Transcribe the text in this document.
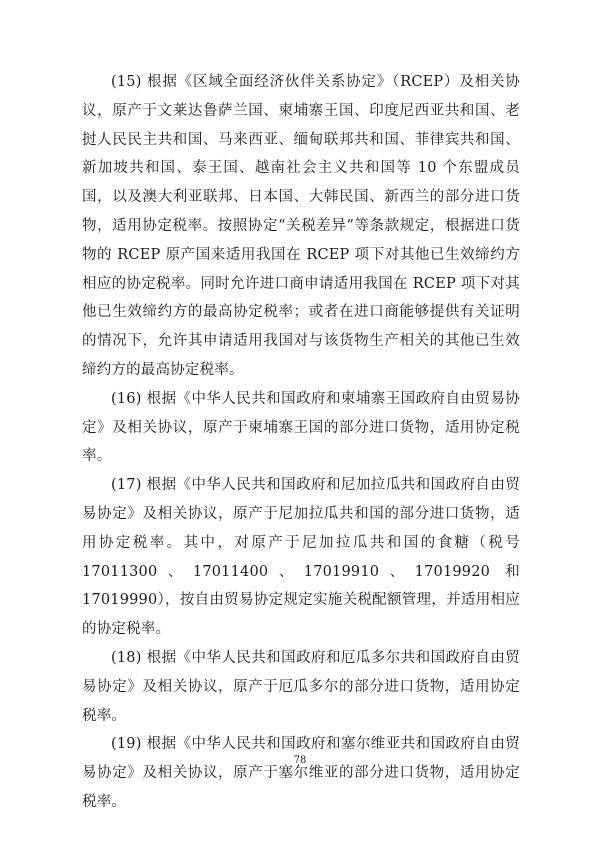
(15) 根据《区域全面经济伙伴关系协定》（RCEP）及相关协议，原产于文莱达鲁萨兰国、柬埔寨王国、印度尼西亚共和国、老挝人民民主共和国、马来西亚、缅甸联邦共和国、菲律宾共和国、新加坡共和国、泰王国、越南社会主义共和国等 10 个东盟成员国，以及澳大利亚联邦、日本国、大韩民国、新西兰的部分进口货物，适用协定税率。按照协定“关税差异”等条款规定，根据进口货物的 RCEP 原产国来适用我国在 RCEP 项下对其他已生效缔约方相应的协定税率。同时允许进口商申请适用我国在 RCEP 项下对其他已生效缔约方的最高协定税率；或者在进口商能够提供有关证明的情况下，允许其申请适用我国对与该货物生产相关的其他已生效缔约方的最高协定税率。

(16) 根据《中华人民共和国政府和柬埔寨王国政府自由贸易协定》及相关协议，原产于柬埔寨王国的部分进口货物，适用协定税率。

(17) 根据《中华人民共和国政府和尼加拉瓜共和国政府自由贸易协定》及相关协议，原产于尼加拉瓜共和国的部分进口货物，适用协定税率。其中，对原产于尼加拉瓜共和国的食糖（税号 17011300、17011400、17019910、17019920 和 17019990），按自由贸易协定规定实施关税配额管理，并适用相应的协定税率。

(18) 根据《中华人民共和国政府和厄瓜多尔共和国政府自由贸易协定》及相关协议，原产于厄瓜多尔的部分进口货物，适用协定税率。

(19) 根据《中华人民共和国政府和塞尔维亚共和国政府自由贸易协定》及相关协议，原产于塞尔维亚的部分进口货物，适用协定税率。

78
